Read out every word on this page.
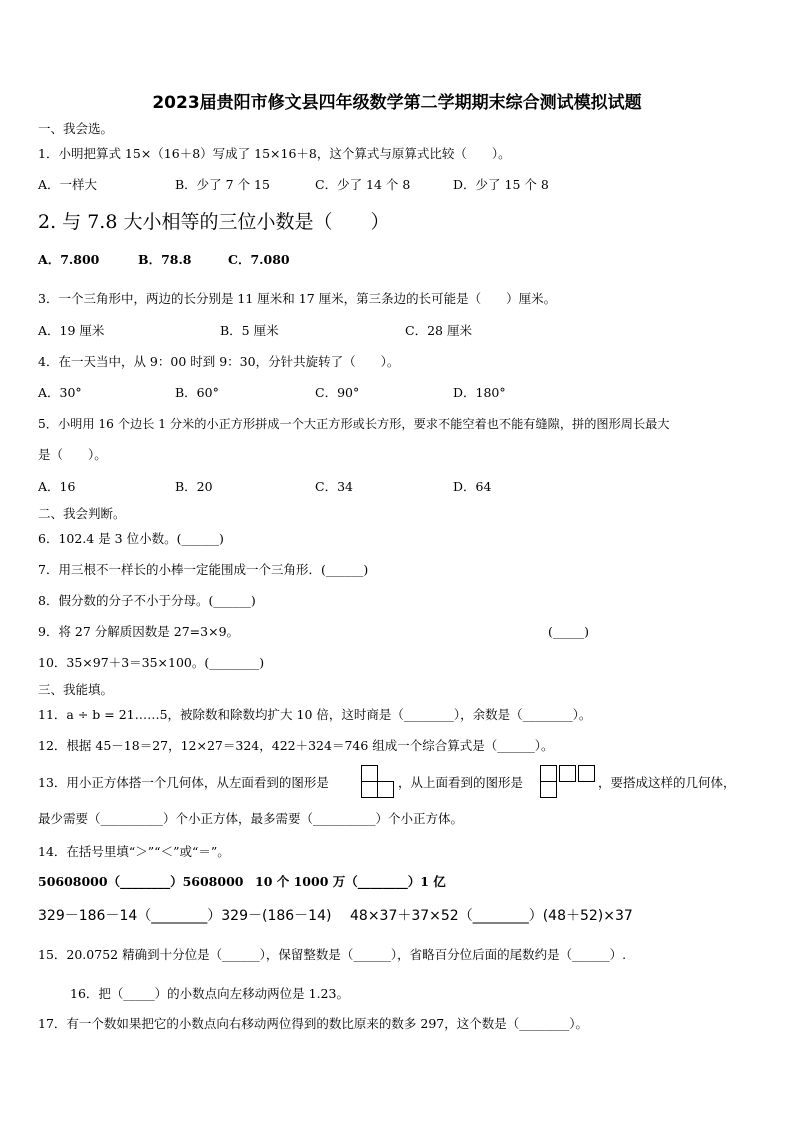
2023届贵阳市修文县四年级数学第二学期期末综合测试模拟试题
一、我会选。
1．小明把算式 15×（16＋8）写成了 15×16＋8，这个算式与原算式比较（　　）。
A．一样大	B．少了 7 个 15	C．少了 14 个 8	D．少了 15 个 8
2. 与 7.8 大小相等的三位小数是（　　）
A．7.800	B．78.8	C．7.080
3．一个三角形中，两边的长分别是 11 厘米和 17 厘米，第三条边的长可能是（　　）厘米。
A．19 厘米	B．5 厘米	C．28 厘米
4．在一天当中，从 9：00 时到 9：30，分针共旋转了（　　）。
A．30°	B．60°	C．90°	D．180°
5．小明用 16 个边长 1 分米的小正方形拼成一个大正方形或长方形，要求不能空着也不能有缝隙，拼的图形周长最大
是（　　）。
A．16	B．20	C．34	D．64
二、我会判断。
6．102.4 是 3 位小数。(______)
7．用三根不一样长的小棒一定能围成一个三角形．(______)
8．假分数的分子不小于分母。(______)
9．将 27 分解质因数是 27=3×9。	(_____)
10．35×97＋3＝35×100。(________)
三、我能填。
11．a ÷ b = 21……5，被除数和除数均扩大 10 倍，这时商是（________），余数是（________）。
12．根据 45－18＝27，12×27＝324，422＋324＝746 组成一个综合算式是（______）。
13．用小正方体搭一个几何体，从左面看到的图形是	，从上面看到的图形是	，要搭成这样的几何体，
最少需要（__________）个小正方体，最多需要（__________）个小正方体。
14．在括号里填“＞”“＜”或“＝”。
50608000（________）5608000 10 个 1000 万（________）1 亿
329－186－14（________）329－(186－14) 48×37＋37×52（________）(48＋52)×37
15．20.0752 精确到十分位是（______），保留整数是（______），省略百分位后面的尾数约是（______）.
16．把（_____）的小数点向左移动两位是 1.23。
17．有一个数如果把它的小数点向右移动两位得到的数比原来的数多 297，这个数是（________）。
